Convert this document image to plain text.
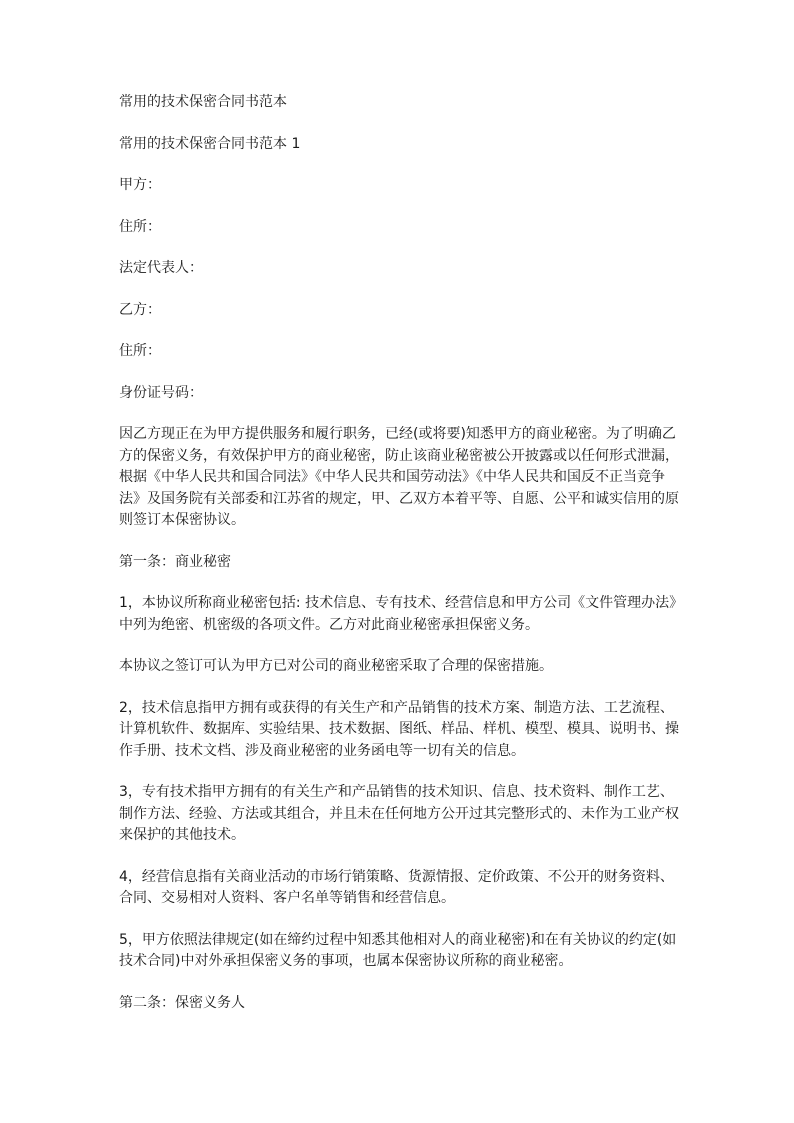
常用的技术保密合同书范本

常用的技术保密合同书范本 1

甲方：

住所：

法定代表人：

乙方：

住所：

身份证号码：

因乙方现正在为甲方提供服务和履行职务，已经(或将要)知悉甲方的商业秘密。为了明确乙
方的保密义务，有效保护甲方的商业秘密，防止该商业秘密被公开披露或以任何形式泄漏，
根据《中华人民共和国合同法》《中华人民共和国劳动法》《中华人民共和国反不正当竞争
法》及国务院有关部委和江苏省的规定，甲、乙双方本着平等、自愿、公平和诚实信用的原
则签订本保密协议。

第一条：商业秘密

1，本协议所称商业秘密包括: 技术信息、专有技术、经营信息和甲方公司《文件管理办法》
中列为绝密、机密级的各项文件。乙方对此商业秘密承担保密义务。

本协议之签订可认为甲方已对公司的商业秘密采取了合理的保密措施。

2，技术信息指甲方拥有或获得的有关生产和产品销售的技术方案、制造方法、工艺流程、
计算机软件、数据库、实验结果、技术数据、图纸、样品、样机、模型、模具、说明书、操
作手册、技术文档、涉及商业秘密的业务函电等一切有关的信息。

3，专有技术指甲方拥有的有关生产和产品销售的技术知识、信息、技术资料、制作工艺、
制作方法、经验、方法或其组合，并且未在任何地方公开过其完整形式的、未作为工业产权
来保护的其他技术。

4，经营信息指有关商业活动的市场行销策略、货源情报、定价政策、不公开的财务资料、
合同、交易相对人资料、客户名单等销售和经营信息。

5，甲方依照法律规定(如在缔约过程中知悉其他相对人的商业秘密)和在有关协议的约定(如
技术合同)中对外承担保密义务的事项，也属本保密协议所称的商业秘密。

第二条：保密义务人
